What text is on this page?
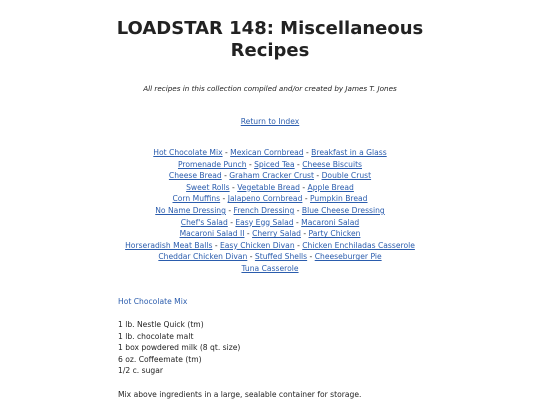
LOADSTAR 148: Miscellaneous
Recipes
All recipes in this collection compiled and/or created by James T. Jones
Return to Index
Hot Chocolate Mix - Mexican Cornbread - Breakfast in a Glass
Promenade Punch - Spiced Tea - Cheese Biscuits
Cheese Bread - Graham Cracker Crust - Double Crust
Sweet Rolls - Vegetable Bread - Apple Bread
Corn Muffins - Jalapeno Cornbread - Pumpkin Bread
No Name Dressing - French Dressing - Blue Cheese Dressing
Chef's Salad - Easy Egg Salad - Macaroni Salad
Macaroni Salad II - Cherry Salad - Party Chicken
Horseradish Meat Balls - Easy Chicken Divan - Chicken Enchiladas Casserole
Cheddar Chicken Divan - Stuffed Shells - Cheeseburger Pie
Tuna Casserole
Hot Chocolate Mix
1 lb. Nestle Quick (tm)
1 lb. chocolate malt
1 box powdered milk (8 qt. size)
6 oz. Coffeemate (tm)
1/2 c. sugar
Mix above ingredients in a large, sealable container for storage.
